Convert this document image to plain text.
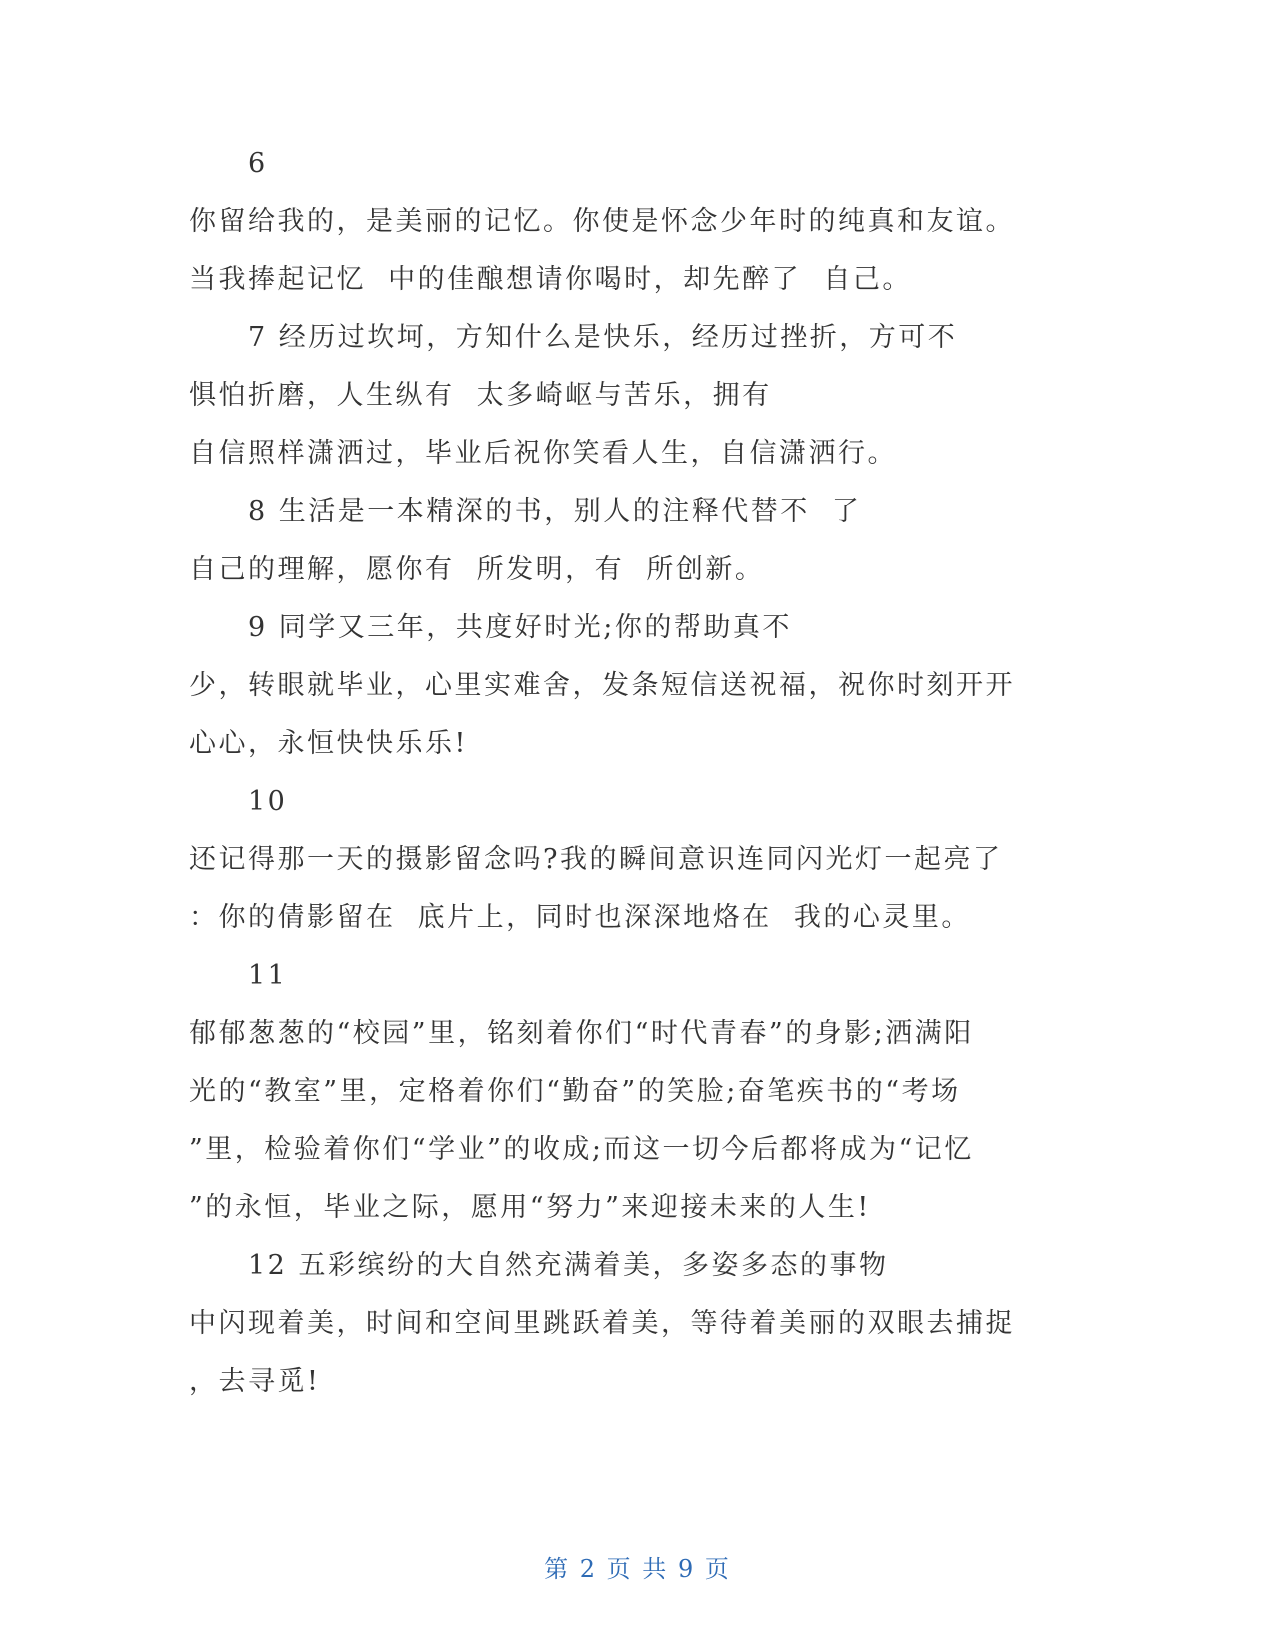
6
你留给我的，是美丽的记忆。你使是怀念少年时的纯真和友谊。
当我捧起记忆  中的佳酿想请你喝时，却先醉了  自己。
7 经历过坎坷，方知什么是快乐，经历过挫折，方可不
惧怕折磨，人生纵有  太多崎岖与苦乐，拥有
自信照样潇洒过，毕业后祝你笑看人生，自信潇洒行。
8 生活是一本精深的书，别人的注释代替不  了
自己的理解，愿你有  所发明，有  所创新。
9 同学又三年，共度好时光;你的帮助真不
少，转眼就毕业，心里实难舍，发条短信送祝福，祝你时刻开开
心心，永恒快快乐乐!
10
还记得那一天的摄影留念吗?我的瞬间意识连同闪光灯一起亮了
：你的倩影留在  底片上，同时也深深地烙在  我的心灵里。
11
郁郁葱葱的“校园”里，铭刻着你们“时代青春”的身影;洒满阳
光的“教室”里，定格着你们“勤奋”的笑脸;奋笔疾书的“考场
”里，检验着你们“学业”的收成;而这一切今后都将成为“记忆
”的永恒，毕业之际，愿用“努力”来迎接未来的人生!
12 五彩缤纷的大自然充满着美，多姿多态的事物
中闪现着美，时间和空间里跳跃着美，等待着美丽的双眼去捕捉
，去寻觅!
第 2 页 共 9 页
